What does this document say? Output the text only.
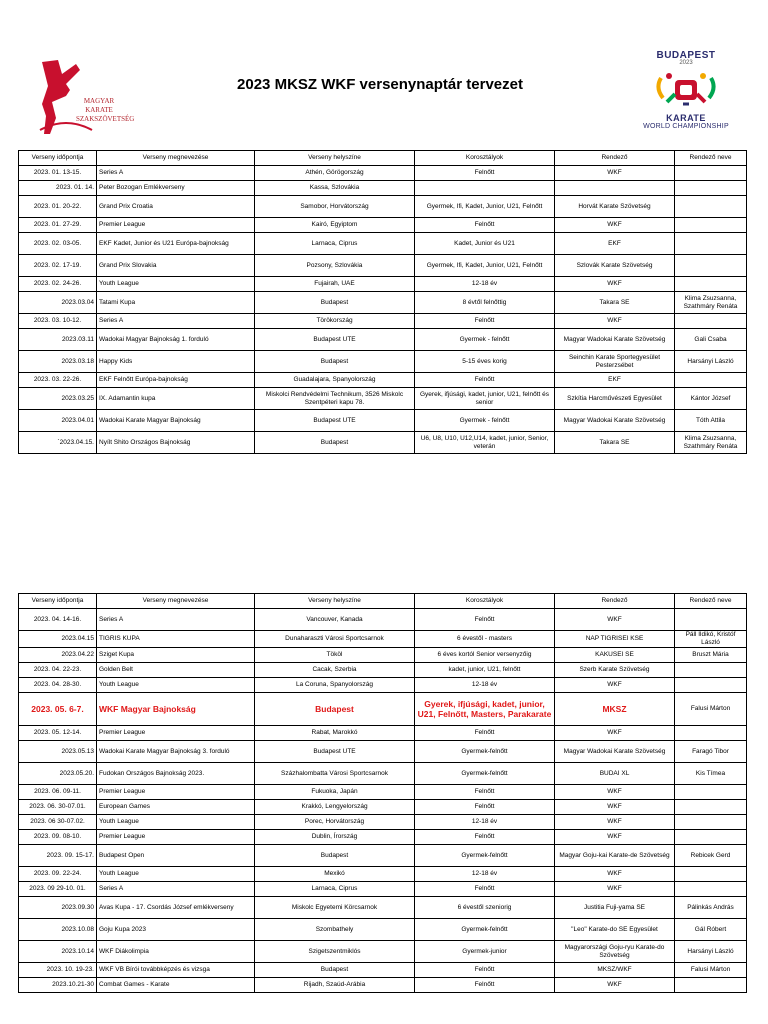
MAGYAR
KARATE
SZAKSZÖVETSÉG
2023 MKSZ WKF versenynaptár tervezet
BUDAPEST
2023
KARATE
WORLD CHAMPIONSHIP
Verseny időpontja	Verseny megnevezése	Verseny helyszíne	Korosztályok	Rendező	Rendező neve
2023. 01. 13-15.	Series A	Athén, Görögország	Felnőtt	WKF	
2023. 01. 14.	Peter Bozogan Emlékverseny	Kassa, Szlovákia			
2023. 01. 20-22.	Grand Prix Croatia	Samobor, Horvátország	Gyermek, Ifi, Kadet, Junior, U21, Felnőtt	Horvát Karate Szövetség	
2023. 01. 27-29.	Premier League	Kairó, Egyiptom	Felnőtt	WKF	
2023. 02. 03-05.	EKF Kadet, Junior és U21 Európa-bajnokság	Larnaca, Ciprus	Kadet, Junior és U21	EKF	
2023. 02. 17-19.	Grand Prix Slovakia	Pozsony, Szlovákia	Gyermek, Ifi, Kadet, Junior, U21, Felnőtt	Szlovák Karate Szövetség	
2023. 02. 24-26.	Youth League	Fujairah, UAE	12-18 év	WKF	
2023.03.04	Tatami Kupa	Budapest	8 évtől felnőttig	Takara SE	Klima Zsuzsanna, Szathmáry Renáta
2023. 03. 10-12.	Series A	Törökország	Felnőtt	WKF	
2023.03.11	Wadokai Magyar Bajnokság 1. forduló	Budapest UTE	Gyermek - felnőtt	Magyar Wadokai Karate Szövetség	Gali Csaba
2023.03.18	Happy Kids	Budapest	5-15 éves korig	Seinchin Karate Sportegyesület Pesterzsébet	Harsányi László
2023. 03. 22-26.	EKF Felnőtt Európa-bajnokság	Guadalajara, Spanyolország	Felnőtt	EKF	
2023.03.25	IX. Adamantin kupa	Miskolci Rendvédelmi Technikum, 3526 Miskolc Szentpéteri kapu 78.	Gyerek, ifjúsági, kadet, junior, U21, felnőtt és senior	Szkítia Harcművészeti Egyesület	Kántor József
2023.04.01	Wadokai Karate Magyar Bajnokság	Budapest UTE	Gyermek - felnőtt	Magyar Wadokai Karate Szövetség	Tóth Attila
`2023.04.15.	Nyílt Shito Országos Bajnokság	Budapest	U6, U8, U10, U12,U14, kadet, junior, Senior, veterán	Takara SE	Klima Zsuzsanna, Szathmáry Renáta
Verseny időpontja	Verseny megnevezése	Verseny helyszíne	Korosztályok	Rendező	Rendező neve
2023. 04. 14-16.	Series A	Vancouver, Kanada	Felnőtt	WKF	
2023.04.15	TIGRIS KUPA	Dunaharaszti Városi Sportcsarnok	6 évestől - masters	NAP TIGRISEI KSE	Páll Ildikó, Kristóf László
2023.04.22	Sziget Kupa	Tököl	6 éves kortól Senior versenyzőig	KAKUSEI SE	Bruszt Mária
2023. 04. 22-23.	Golden Belt	Cacak, Szerbia	kadet, junior, U21, felnőtt	Szerb Karate Szövetség	
2023. 04. 28-30.	Youth League	La Coruna, Spanyolország	12-18 év	WKF	
2023. 05. 6-7.	WKF Magyar Bajnokság	Budapest	Gyerek, ifjúsági, kadet, junior, U21, Felnőtt, Masters, Parakarate	MKSZ	Falusi Márton
2023. 05. 12-14.	Premier League	Rabat, Marokkó	Felnőtt	WKF	
2023.05.13	Wadokai Karate Magyar Bajnokság 3. forduló	Budapest UTE	Gyermek-felnőtt	Magyar Wadokai Karate Szövetség	Faragó Tibor
2023.05.20.	Fudokan Országos Bajnokság 2023.	Százhalombatta Városi Sportcsarnok	Gyermek-felnőtt	BUDAI XL	Kis Tímea
2023. 06. 09-11.	Premier League	Fukuoka, Japán	Felnőtt	WKF	
2023. 06. 30-07.01.	European Games	Krakkó, Lengyelország	Felnőtt	WKF	
2023. 06 30-07.02.	Youth League	Porec, Horvátország	12-18 év	WKF	
2023. 09. 08-10.	Premier League	Dublin, Írország	Felnőtt	WKF	
2023. 09. 15-17.	Budapest Open	Budapest	Gyermek-felnőtt	Magyar Goju-kai Karate-de Szövetség	Rebicek Gerd
2023. 09. 22-24.	Youth League	Mexikó	12-18 év	WKF	
2023. 09 29-10. 01.	Series A	Larnaca, Ciprus	Felnőtt	WKF	
2023.09.30	Avas Kupa - 17. Csordás József emlékverseny	Miskolc Egyetemi Körcsarnok	6 évestől szeniorig	Justitia Fuji-yama SE	Pálinkás András
2023.10.08	Goju Kupa 2023	Szombathely	Gyermek-felnőtt	"Leo" Karate-do SE Egyesület	Gál Róbert
2023.10.14	WKF Diákolimpia	Szigetszentmiklós	Gyermek-junior	Magyarországi Goju-ryu Karate-do Szövetség	Harsányi László
2023. 10. 19-23.	WKF VB Bírói továbbképzés és vizsga	Budapest	Felnőtt	MKSZ/WKF	Falusi Márton
2023.10.21-30	Combat Games - Karate	Rijadh, Szaúd-Arábia	Felnőtt	WKF	
